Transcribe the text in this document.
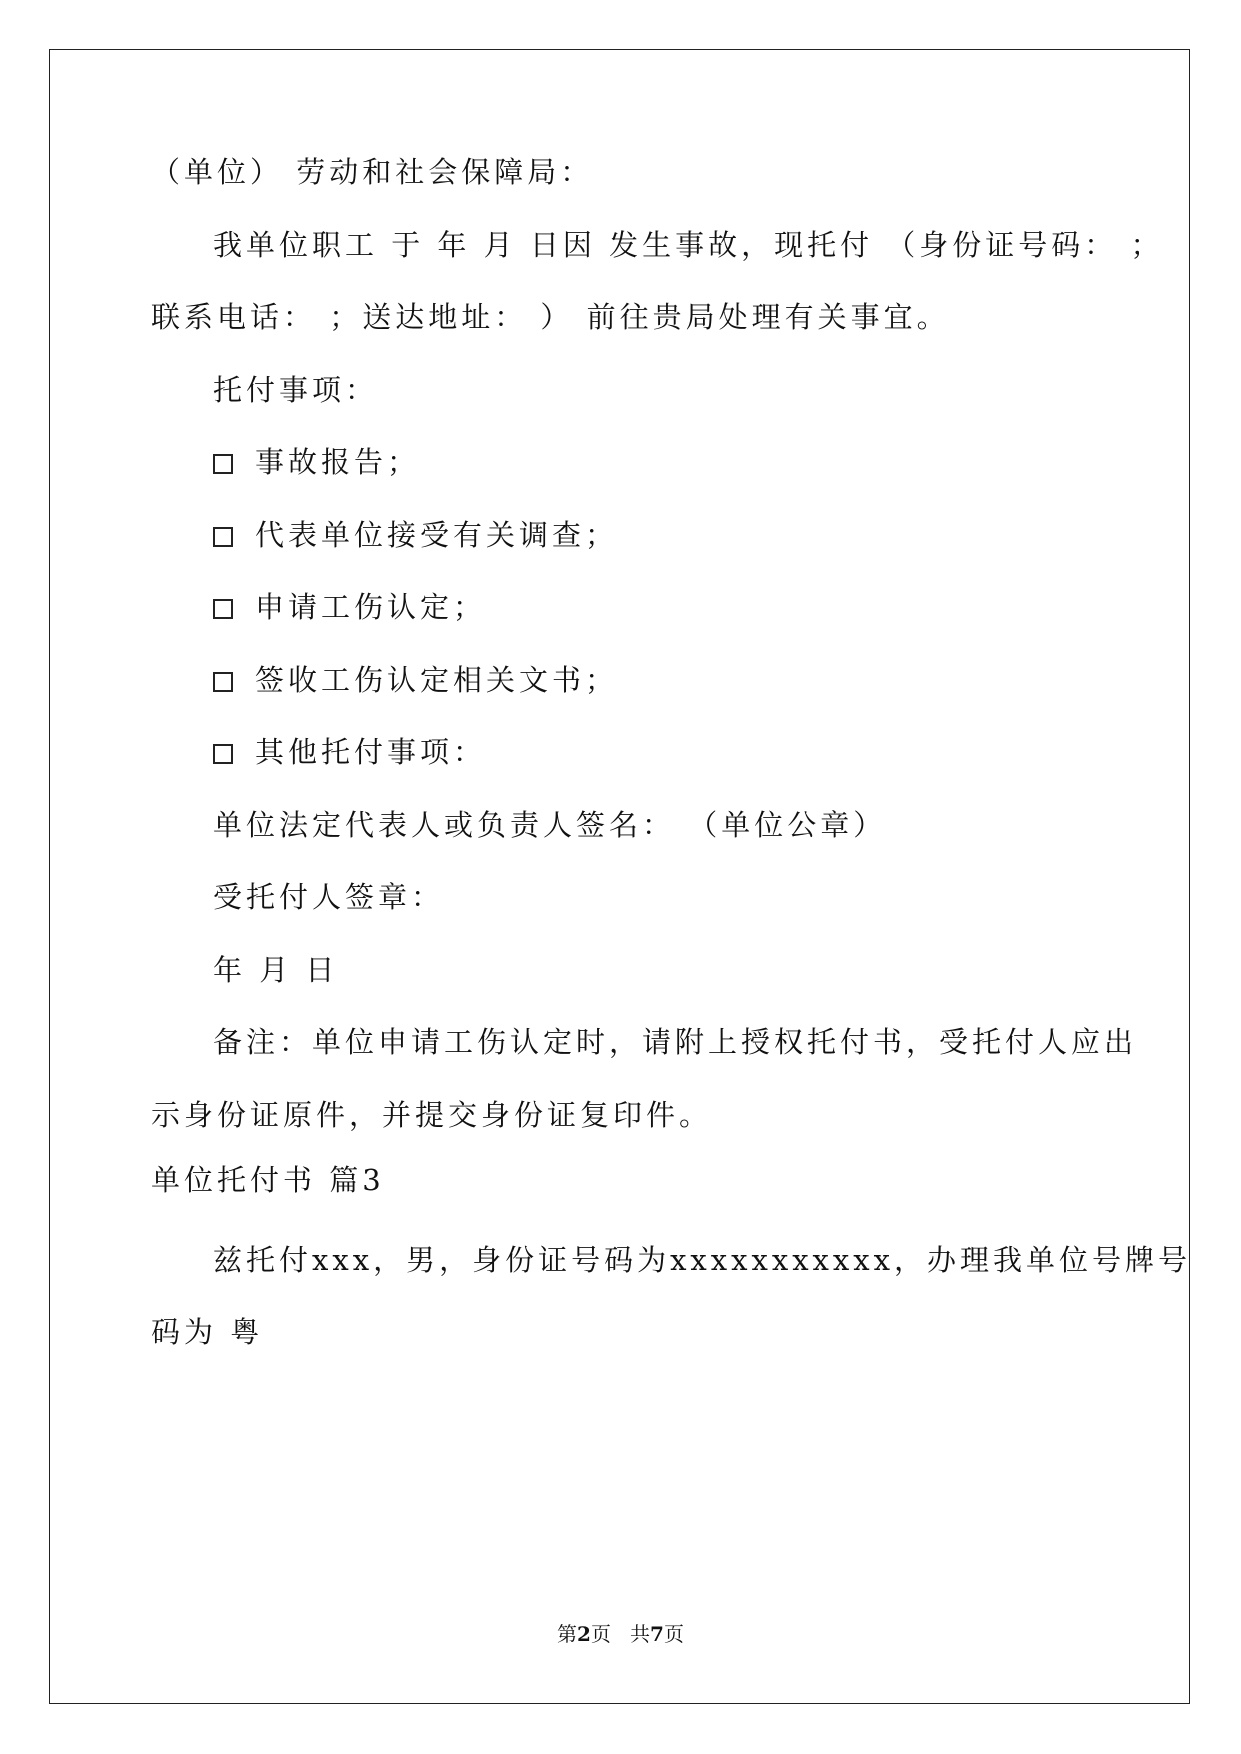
（单位） 劳动和社会保障局：
我单位职工 于 年 月 日因 发生事故，现托付 （身份证号码： ；
联系电话： ；送达地址： ） 前往贵局处理有关事宜。
托付事项：
事故报告；
代表单位接受有关调查；
申请工伤认定；
签收工伤认定相关文书；
其他托付事项：
单位法定代表人或负责人签名： （单位公章）
受托付人签章：
年 月 日
备注：单位申请工伤认定时，请附上授权托付书，受托付人应出
示身份证原件，并提交身份证复印件。
单位托付书 篇3
兹托付xxx，男，身份证号码为xxxxxxxxxxx，办理我单位号牌号
码为 粤
第2页   共7页
